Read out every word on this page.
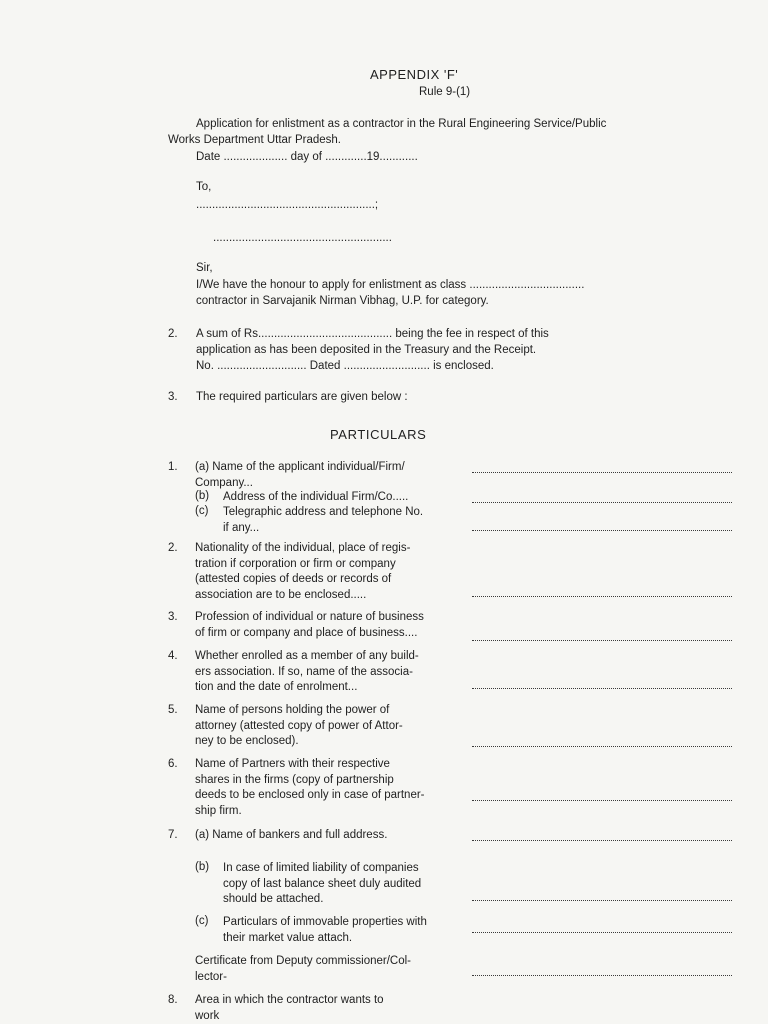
APPENDIX 'F'
Rule 9-(1)
Application for enlistment as a contractor in the Rural Engineering Service/Public
Works Department Uttar Pradesh.
Date .................... day of .............19............
To,
........................................................;
........................................................
Sir,
I/We have the honour to apply for enlistment as class ....................................
contractor in Sarvajanik Nirman Vibhag, U.P. for category.
2. A sum of Rs.......................................... being the fee in respect of this
application as has been deposited in the Treasury and the Receipt.
No. ............................ Dated ........................... is enclosed.
3. The required particulars are given below :
PARTICULARS
1. (a) Name of the applicant individual/Firm/
Company...
(b) Address of the individual Firm/Co.....
(c) Telegraphic address and telephone No.
if any...
2. Nationality of the individual, place of regis-
tration if corporation or firm or company
(attested copies of deeds or records of
association are to be enclosed.....
3. Profession of individual or nature of business
of firm or company and place of business....
4. Whether enrolled as a member of any build-
ers association. If so, name of the associa-
tion and the date of enrolment...
5. Name of persons holding the power of
attorney (attested copy of power of Attor-
ney to be enclosed).
6. Name of Partners with their respective
shares in the firms (copy of partnership
deeds to be enclosed only in case of partner-
ship firm.
7. (a) Name of bankers and full address.
(b) In case of limited liability of companies
copy of last balance sheet duly audited
should be attached.
(c) Particulars of immovable properties with
their market value attach.
Certificate from Deputy commissioner/Col-
lector-
8. Area in which the contractor wants to
work
